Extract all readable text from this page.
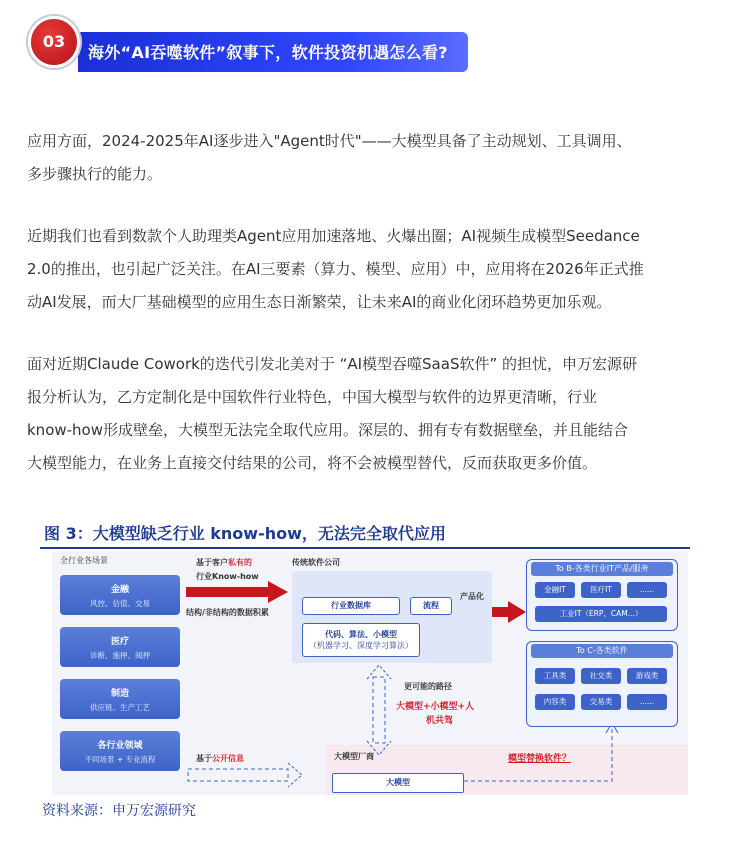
海外“AI吞噬软件”叙事下，软件投资机遇怎么看?
03
应用方面，2024-2025年AI逐步进入"Agent时代"——大模型具备了主动规划、工具调用、
多步骤执行的能力。
近期我们也看到数款个人助理类Agent应用加速落地、火爆出圈；AI视频生成模型Seedance
2.0的推出，也引起广泛关注。在AI三要素（算力、模型、应用）中，应用将在2026年正式推
动AI发展，而大厂基础模型的应用生态日渐繁荣，让未来AI的商业化闭环趋势更加乐观。
面对近期Claude Cowork的迭代引发北美对于 “AI模型吞噬SaaS软件” 的担忧，申万宏源研
报分析认为，乙方定制化是中国软件行业特色，中国大模型与软件的边界更清晰，行业
know-how形成壁垒，大模型无法完全取代应用。深层的、拥有专有数据壁垒，并且能结合
大模型能力，在业务上直接交付结果的公司，将不会被模型替代，反而获取更多价值。
图 3：大模型缺乏行业 know-how，无法完全取代应用
全行业各场景
金融
风控、估值、交易
医疗
诊断、施押、阅押
制造
供应链、生产工艺
各行业领域
不同场景 + 专业流程
基于客户私有的
行业Know-how
结构/非结构的数据积累
传统软件公司
行业数据库	流程
代码、算法、小模型
（机器学习、深度学习算法）
产品化
To B-各类行业IT产品/服务
金融IT	医疗IT	......
工业IT（ERP、CAM...）
To C-各类软件
工具类	社交类	游戏类
内容类	交易类	......
更可能的路径
大模型+小模型+人
机共驾
基于公开信息	大模型厂商
大模型
模型替换软件？
资料来源：申万宏源研究
